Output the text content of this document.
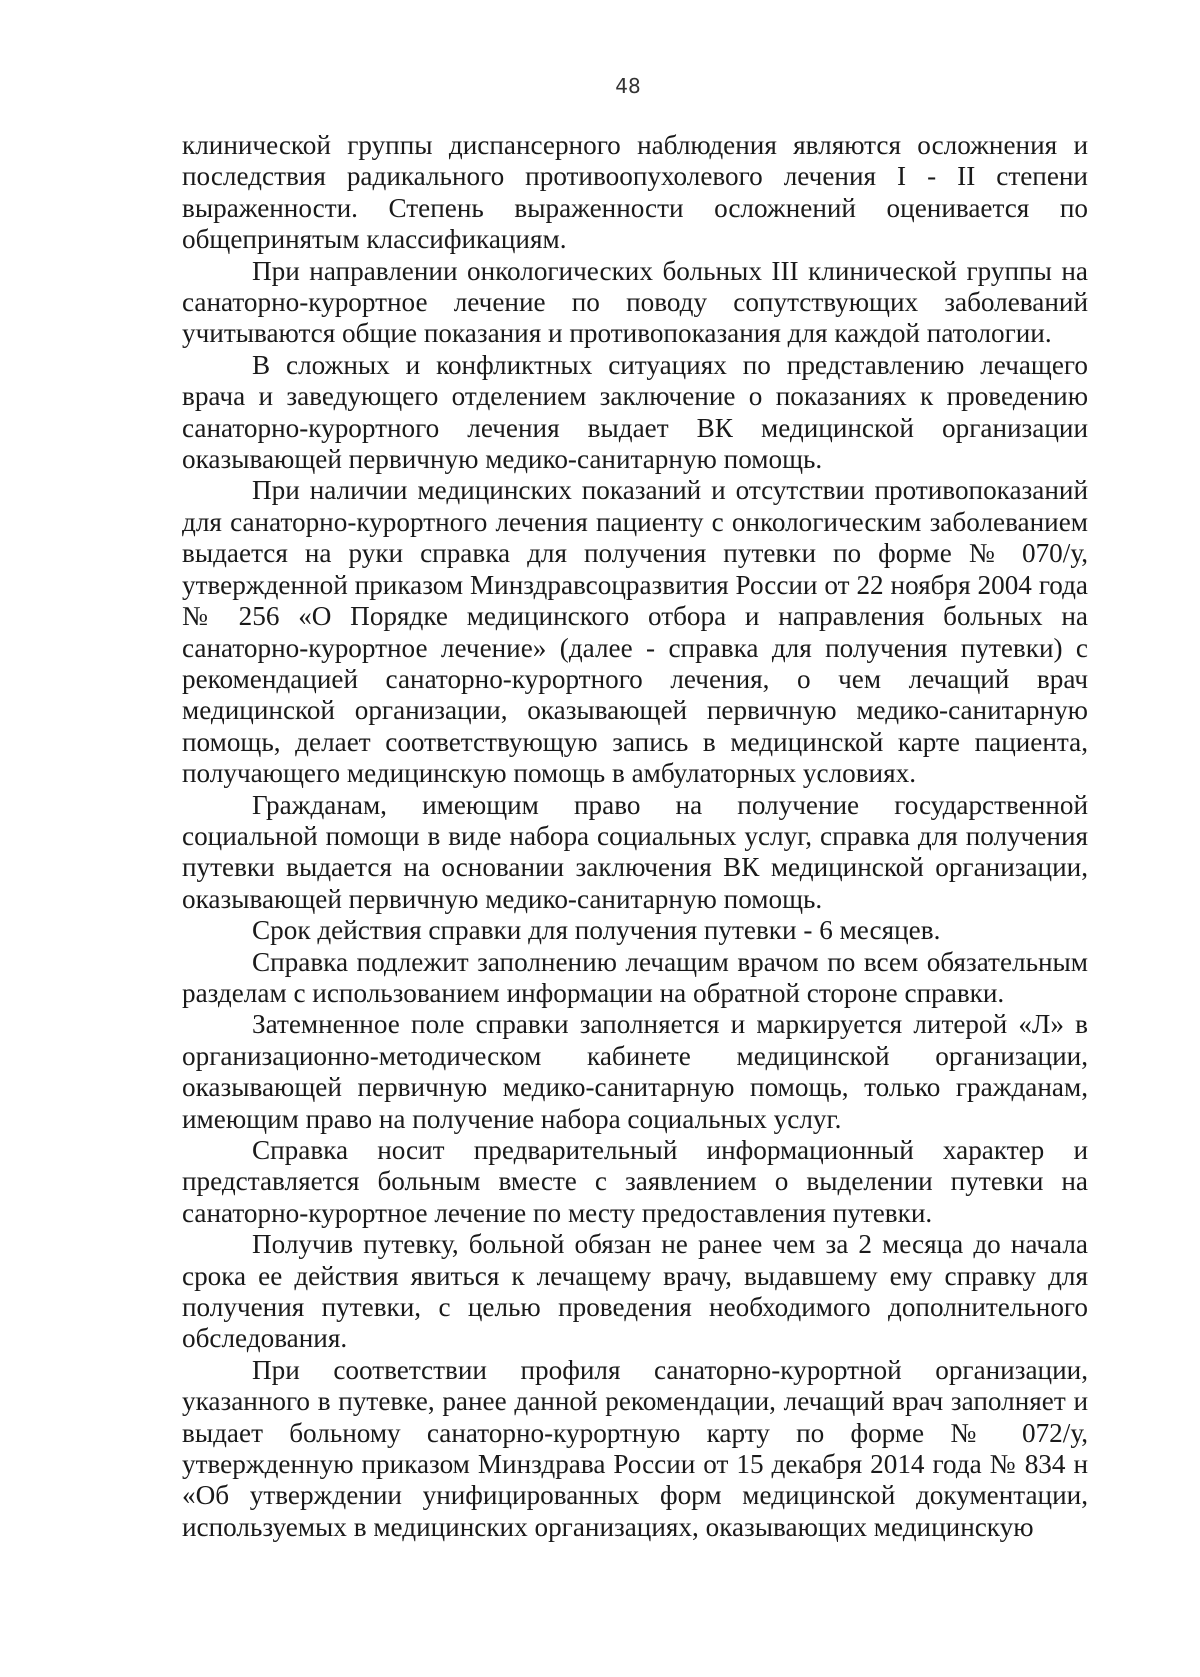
48

клинической группы диспансерного наблюдения являются осложнения и последствия радикального противоопухолевого лечения I - II степени выраженности. Степень выраженности осложнений оценивается по общепринятым классификациям.

При направлении онкологических больных III клинической группы на санаторно-курортное лечение по поводу сопутствующих заболеваний учитываются общие показания и противопоказания для каждой патологии.

В сложных и конфликтных ситуациях по представлению лечащего врача и заведующего отделением заключение о показаниях к проведению санаторно-курортного лечения выдает ВК медицинской организации оказывающей первичную медико-санитарную помощь.

При наличии медицинских показаний и отсутствии противопоказаний для санаторно-курортного лечения пациенту с онкологическим заболеванием выдается на руки справка для получения путевки по форме № 070/у, утвержденной приказом Минздравсоцразвития России от 22 ноября 2004 года № 256 «О Порядке медицинского отбора и направления больных на санаторно-курортное лечение» (далее - справка для получения путевки) с рекомендацией санаторно-курортного лечения, о чем лечащий врач медицинской организации, оказывающей первичную медико-санитарную помощь, делает соответствующую запись в медицинской карте пациента, получающего медицинскую помощь в амбулаторных условиях.

Гражданам, имеющим право на получение государственной социальной помощи в виде набора социальных услуг, справка для получения путевки выдается на основании заключения ВК медицинской организации, оказывающей первичную медико-санитарную помощь.

Срок действия справки для получения путевки - 6 месяцев.

Справка подлежит заполнению лечащим врачом по всем обязательным разделам с использованием информации на обратной стороне справки.

Затемненное поле справки заполняется и маркируется литерой «Л» в организационно-методическом кабинете медицинской организации, оказывающей первичную медико-санитарную помощь, только гражданам, имеющим право на получение набора социальных услуг.

Справка носит предварительный информационный характер и представляется больным вместе с заявлением о выделении путевки на санаторно-курортное лечение по месту предоставления путевки.

Получив путевку, больной обязан не ранее чем за 2 месяца до начала срока ее действия явиться к лечащему врачу, выдавшему ему справку для получения путевки, с целью проведения необходимого дополнительного обследования.

При соответствии профиля санаторно-курортной организации, указанного в путевке, ранее данной рекомендации, лечащий врач заполняет и выдает больному санаторно-курортную карту по форме № 072/у, утвержденную приказом Минздрава России от 15 декабря 2014 года № 834 н «Об утверждении унифицированных форм медицинской документации, используемых в медицинских организациях, оказывающих медицинскую
